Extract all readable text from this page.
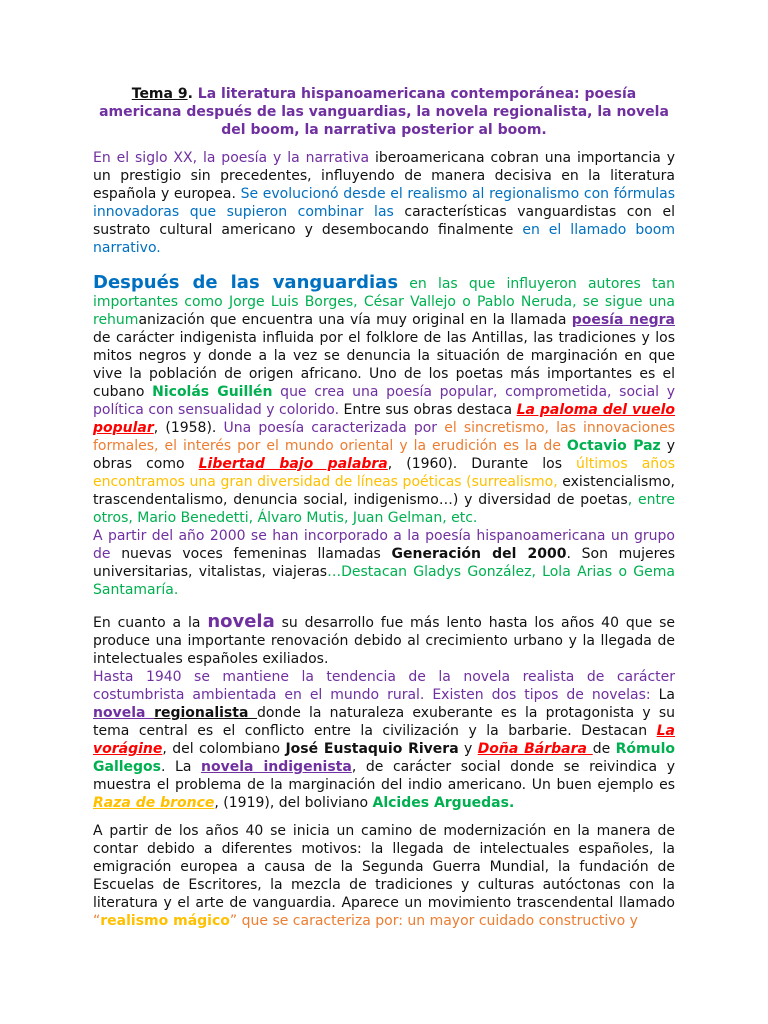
Tema 9. La literatura hispanoamericana contemporánea: poesía americana después de las vanguardias, la novela regionalista, la novela del boom, la narrativa posterior al boom.
En el siglo XX, la poesía y la narrativa iberoamericana cobran una importancia y un prestigio sin precedentes, influyendo de manera decisiva en la literatura española y europea. Se evolucionó desde el realismo al regionalismo con fórmulas innovadoras que supieron combinar las características vanguardistas con el sustrato cultural americano y desembocando finalmente en el llamado boom narrativo.
Después de las vanguardias en las que influyeron autores tan importantes como Jorge Luis Borges, César Vallejo o Pablo Neruda, se sigue una rehumanización que encuentra una vía muy original en la llamada poesía negra de carácter indigenista influida por el folklore de las Antillas, las tradiciones y los mitos negros y donde a la vez se denuncia la situación de marginación en que vive la población de origen africano. Uno de los poetas más importantes es el cubano Nicolás Guillén que crea una poesía popular, comprometida, social y política con sensualidad y colorido. Entre sus obras destaca La paloma del vuelo popular, (1958). Una poesía caracterizada por el sincretismo, las innovaciones formales, el interés por el mundo oriental y la erudición es la de Octavio Paz y obras como Libertad bajo palabra, (1960). Durante los últimos años encontramos una gran diversidad de líneas poéticas (surrealismo, existencialismo, trascendentalismo, denuncia social, indigenismo…) y diversidad de poetas, entre otros, Mario Benedetti, Álvaro Mutis, Juan Gelman, etc.
A partir del año 2000 se han incorporado a la poesía hispanoamericana un grupo de nuevas voces femeninas llamadas Generación del 2000. Son mujeres universitarias, vitalistas, viajeras…Destacan Gladys González, Lola Arias o Gema Santamaría.
En cuanto a la novela su desarrollo fue más lento hasta los años 40 que se produce una importante renovación debido al crecimiento urbano y la llegada de intelectuales españoles exiliados.
Hasta 1940 se mantiene la tendencia de la novela realista de carácter costumbrista ambientada en el mundo rural. Existen dos tipos de novelas: La novela regionalista donde la naturaleza exuberante es la protagonista y su tema central es el conflicto entre la civilización y la barbarie. Destacan La vorágine, del colombiano José Eustaquio Rivera y Doña Bárbara de Rómulo Gallegos. La novela indigenista, de carácter social donde se reivindica y muestra el problema de la marginación del indio americano. Un buen ejemplo es Raza de bronce, (1919), del boliviano Alcides Arguedas.
A partir de los años 40 se inicia un camino de modernización en la manera de contar debido a diferentes motivos: la llegada de intelectuales españoles, la emigración europea a causa de la Segunda Guerra Mundial, la fundación de Escuelas de Escritores, la mezcla de tradiciones y culturas autóctonas con la literatura y el arte de vanguardia. Aparece un movimiento trascendental llamado “realismo mágico” que se caracteriza por: un mayor cuidado constructivo y
